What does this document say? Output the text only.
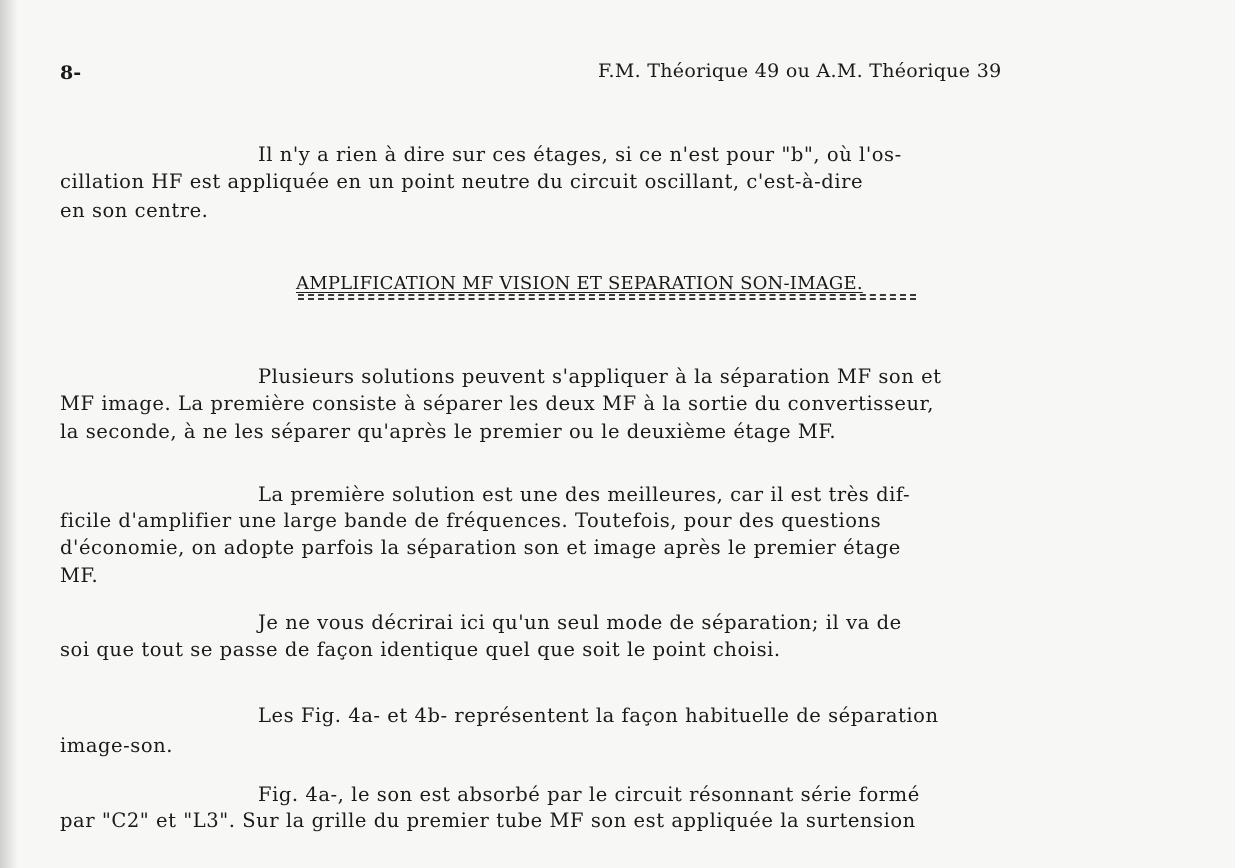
8-	F.M. Théorique 49 ou A.M. Théorique 39
Il n'y a rien à dire sur ces étages, si ce n'est pour "b", où l'os-
cillation HF est appliquée en un point neutre du circuit oscillant, c'est-à-dire
en son centre.
AMPLIFICATION MF VISION ET SEPARATION SON-IMAGE.
Plusieurs solutions peuvent s'appliquer à la séparation MF son et
MF image. La première consiste à séparer les deux MF à la sortie du convertisseur,
la seconde, à ne les séparer qu'après le premier ou le deuxième étage MF.
La première solution est une des meilleures, car il est très dif-
ficile d'amplifier une large bande de fréquences. Toutefois, pour des questions
d'économie, on adopte parfois la séparation son et image après le premier étage
MF.
Je ne vous décrirai ici qu'un seul mode de séparation; il va de
soi que tout se passe de façon identique quel que soit le point choisi.
Les Fig. 4a- et 4b- représentent la façon habituelle de séparation
image-son.
Fig. 4a-, le son est absorbé par le circuit résonnant série formé
par "C2" et "L3". Sur la grille du premier tube MF son est appliquée la surtension
